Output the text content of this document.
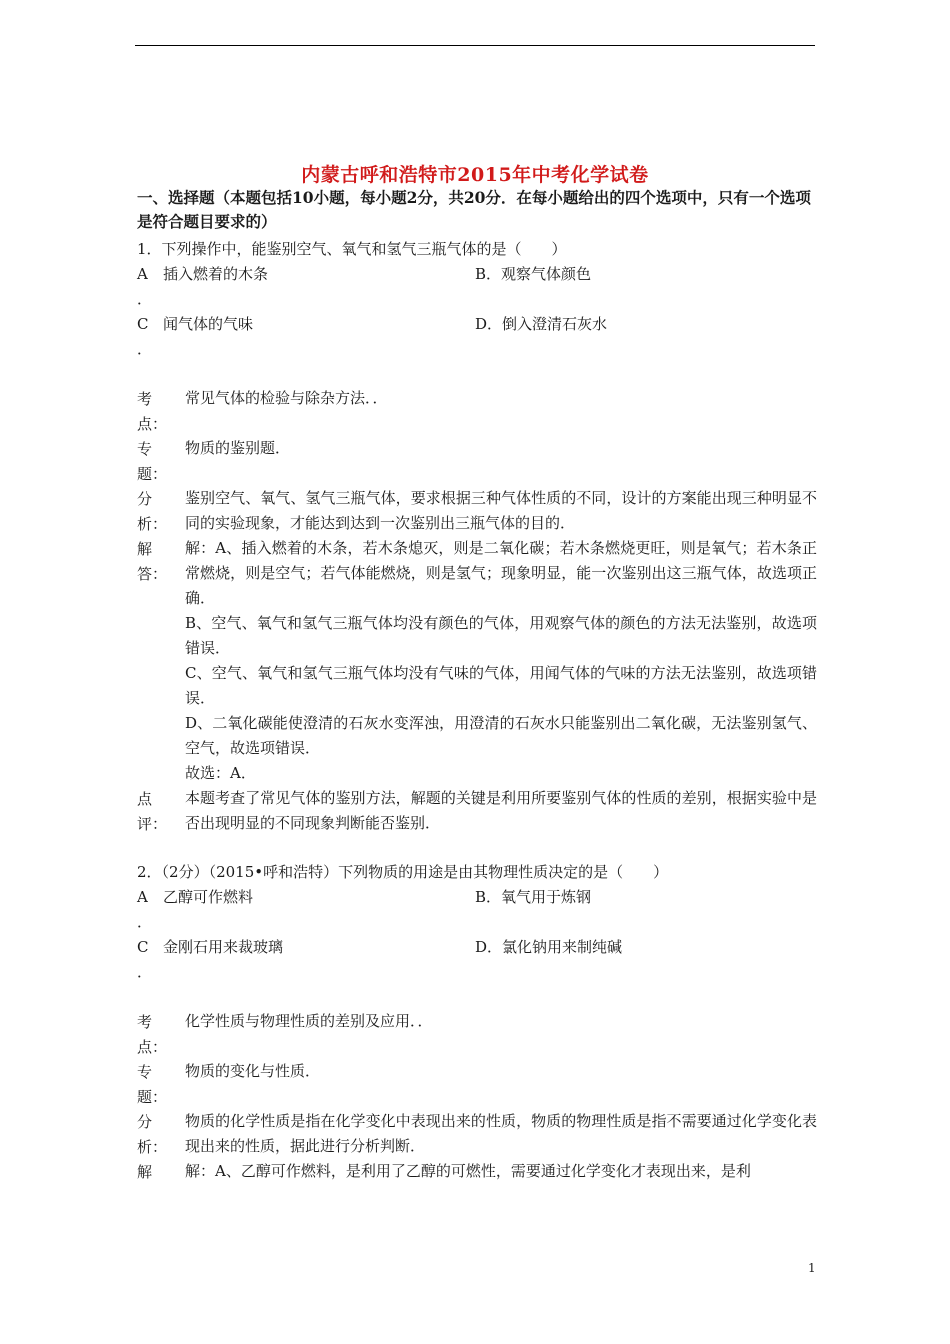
内蒙古呼和浩特市2015年中考化学试卷
一、选择题（本题包括10小题，每小题2分，共20分．在每小题给出的四个选项中，只有一个选项是符合题目要求的）
1．下列操作中，能鉴别空气、氧气和氢气三瓶气体的是（　　）
A 插入燃着的木条	B．观察气体颜色
．
C 闻气体的气味	D．倒入澄清石灰水
．
考
点：
常见气体的检验与除杂方法．．
专
题：
物质的鉴别题．
分
析：
鉴别空气、氧气、氢气三瓶气体，要求根据三种气体性质的不同，设计的方案能出现三种明显不同的实验现象，才能达到达到一次鉴别出三瓶气体的目的．
解
答：
解：A、插入燃着的木条，若木条熄灭，则是二氧化碳；若木条燃烧更旺，则是氧气；若木条正常燃烧，则是空气；若气体能燃烧，则是氢气；现象明显，能一次鉴别出这三瓶气体，故选项正确．
B、空气、氧气和氢气三瓶气体均没有颜色的气体，用观察气体的颜色的方法无法鉴别，故选项错误．
C、空气、氧气和氢气三瓶气体均没有气味的气体，用闻气体的气味的方法无法鉴别，故选项错误．
D、二氧化碳能使澄清的石灰水变浑浊，用澄清的石灰水只能鉴别出二氧化碳，无法鉴别氢气、空气，故选项错误．
故选：A．
点
评：
本题考查了常见气体的鉴别方法，解题的关键是利用所要鉴别气体的性质的差别，根据实验中是否出现明显的不同现象判断能否鉴别．
2．（2分）（2015•呼和浩特）下列物质的用途是由其物理性质决定的是（　　）
A 乙醇可作燃料	B．氧气用于炼钢
．
C 金刚石用来裁玻璃	D．氯化钠用来制纯碱
．
考
点：
化学性质与物理性质的差别及应用．．
专
题：
物质的变化与性质．
分
析：
物质的化学性质是指在化学变化中表现出来的性质，物质的物理性质是指不需要通过化学变化表现出来的性质，据此进行分析判断．
解 解：A、乙醇可作燃料，是利用了乙醇的可燃性，需要通过化学变化才表现出来，是利
1
